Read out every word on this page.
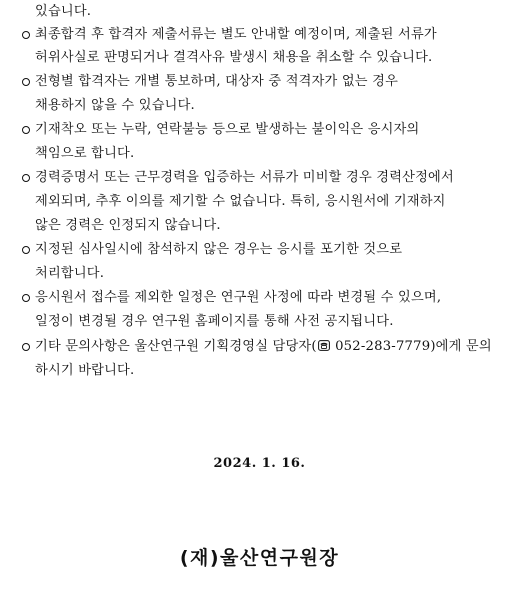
있습니다.
최종합격 후 합격자 제출서류는 별도 안내할 예정이며, 제출된 서류가
허위사실로 판명되거나 결격사유 발생시 채용을 취소할 수 있습니다.
전형별 합격자는 개별 통보하며, 대상자 중 적격자가 없는 경우
채용하지 않을 수 있습니다.
기재착오 또는 누락, 연락불능 등으로 발생하는 불이익은 응시자의
책임으로 합니다.
경력증명서 또는 근무경력을 입증하는 서류가 미비할 경우 경력산정에서
제외되며, 추후 이의를 제기할 수 없습니다. 특히, 응시원서에 기재하지
않은 경력은 인정되지 않습니다.
지정된 심사일시에 참석하지 않은 경우는 응시를 포기한 것으로
처리합니다.
응시원서 접수를 제외한 일정은 연구원 사정에 따라 변경될 수 있으며,
일정이 변경될 경우 연구원 홈페이지를 통해 사전 공지됩니다.
기타 문의사항은 울산연구원 기획경영실 담당자( 052-283-7779)에게 문의
하시기 바랍니다.
2024. 1. 16.
(재)울산연구원장
